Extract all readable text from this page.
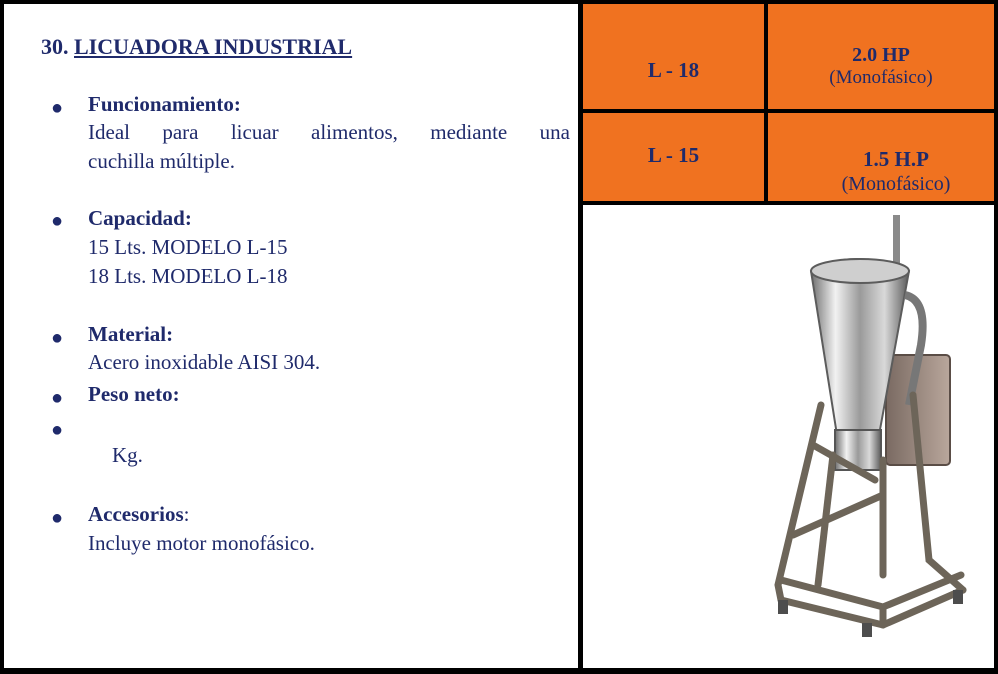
30. LICUADORA INDUSTRIAL
● Funcionamiento:
Ideal para licuar alimentos, mediante una
cuchilla múltiple.
● Capacidad:
15 Lts. MODELO L-15
18 Lts. MODELO L-18
● Material:
Acero inoxidable AISI 304.
● Peso neto:
●
Kg.
● Accesorios:
Incluye motor monofásico.
L - 18
2.0 HP
(Monofásico)
L - 15	1.5 H.P
(Monofásico)
